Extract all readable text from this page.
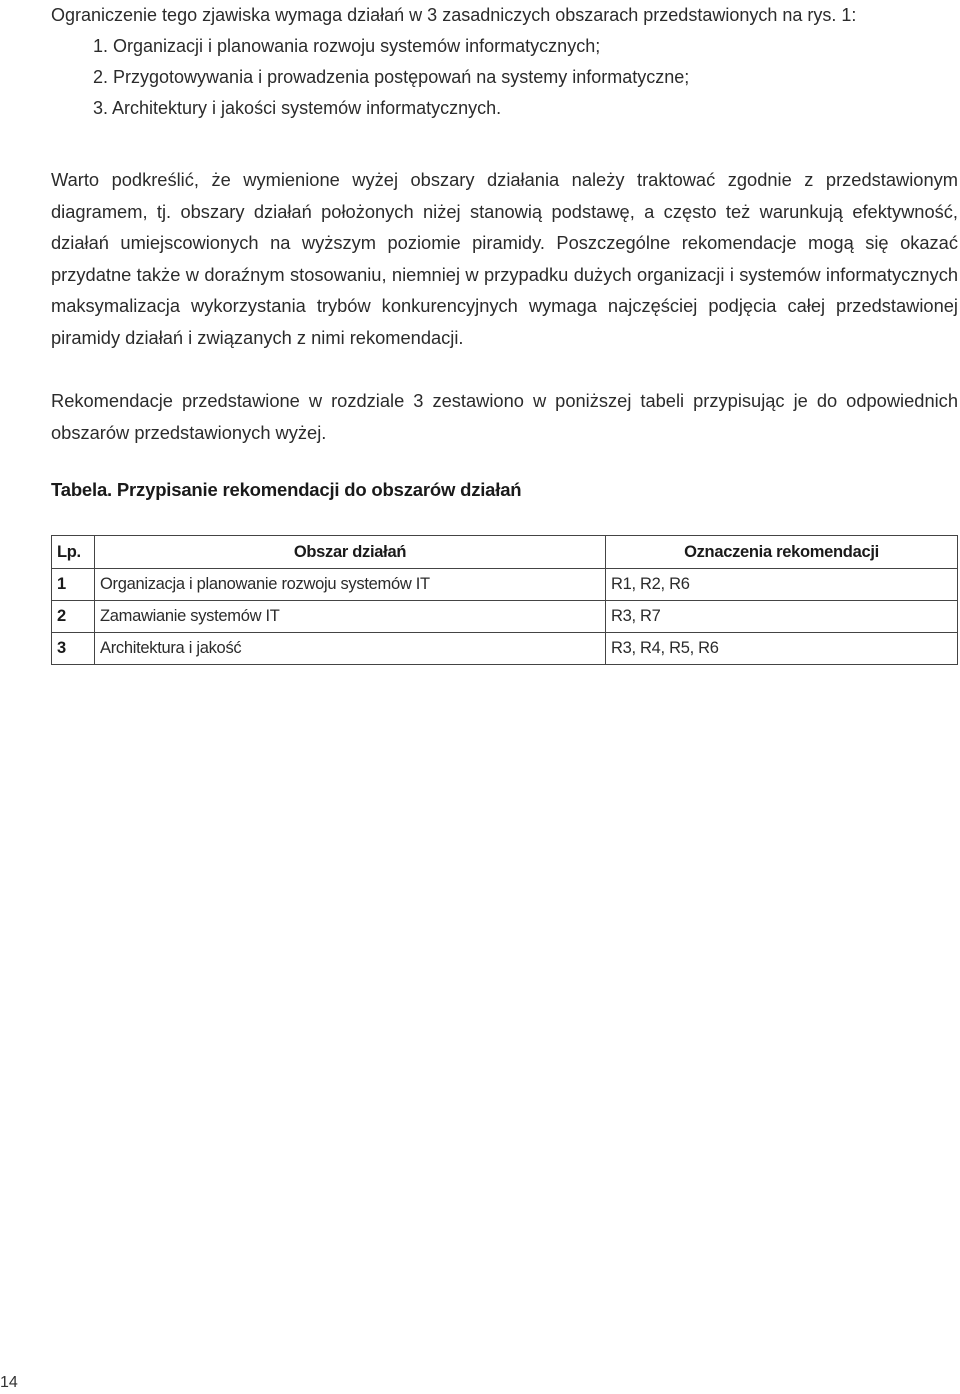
Ograniczenie tego zjawiska wymaga działań w 3 zasadniczych obszarach przedstawionych na rys. 1:

1. Organizacji i planowania rozwoju systemów informatycznych;
2. Przygotowywania i prowadzenia postępowań na systemy informatyczne;
3. Architektury i jakości systemów informatycznych.

Warto podkreślić, że wymienione wyżej obszary działania należy traktować zgodnie z przedstawionym diagramem, tj. obszary działań położonych niżej stanowią podstawę, a często też warunkują efektywność, działań umiejscowionych na wyższym poziomie piramidy. Poszczególne rekomendacje mogą się okazać przydatne także w doraźnym stosowaniu, niemniej w przypadku dużych organizacji i systemów informatycznych maksymalizacja wykorzystania trybów konkurencyjnych wymaga najczęściej podjęcia całej przedstawionej piramidy działań i związanych z nimi rekomendacji.

Rekomendacje przedstawione w rozdziale 3 zestawiono w poniższej tabeli przypisując je do odpowiednich obszarów przedstawionych wyżej.

Tabela. Przypisanie rekomendacji do obszarów działań
Lp.	Obszar działań	Oznaczenia rekomendacji
1	Organizacja i planowanie rozwoju systemów IT	R1, R2, R6
2	Zamawianie systemów IT	R3, R7
3	Architektura i jakość	R3, R4, R5, R6
14
